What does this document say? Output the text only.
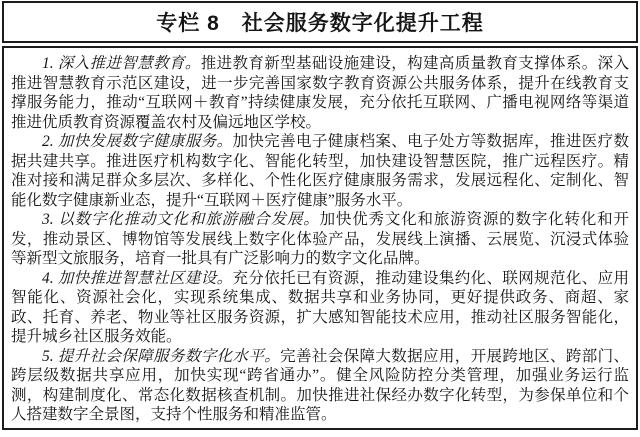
专栏 8　社会服务数字化提升工程

1. 深入推进智慧教育。推进教育新型基础设施建设，构建高质量教育支撑体系。深入推进智慧教育示范区建设，进一步完善国家数字教育资源公共服务体系，提升在线教育支撑服务能力，推动“互联网＋教育”持续健康发展，充分依托互联网、广播电视网络等渠道推进优质教育资源覆盖农村及偏远地区学校。

2. 加快发展数字健康服务。加快完善电子健康档案、电子处方等数据库，推进医疗数据共建共享。推进医疗机构数字化、智能化转型，加快建设智慧医院，推广远程医疗。精准对接和满足群众多层次、多样化、个性化医疗健康服务需求，发展远程化、定制化、智能化数字健康新业态，提升“互联网＋医疗健康”服务水平。

3. 以数字化推动文化和旅游融合发展。加快优秀文化和旅游资源的数字化转化和开发，推动景区、博物馆等发展线上数字化体验产品，发展线上演播、云展览、沉浸式体验等新型文旅服务，培育一批具有广泛影响力的数字文化品牌。

4. 加快推进智慧社区建设。充分依托已有资源，推动建设集约化、联网规范化、应用智能化、资源社会化，实现系统集成、数据共享和业务协同，更好提供政务、商超、家政、托育、养老、物业等社区服务资源，扩大感知智能技术应用，推动社区服务智能化，提升城乡社区服务效能。

5. 提升社会保障服务数字化水平。完善社会保障大数据应用，开展跨地区、跨部门、跨层级数据共享应用，加快实现“跨省通办”。健全风险防控分类管理，加强业务运行监测，构建制度化、常态化数据核查机制。加快推进社保经办数字化转型，为参保单位和个人搭建数字全景图，支持个性服务和精准监管。
